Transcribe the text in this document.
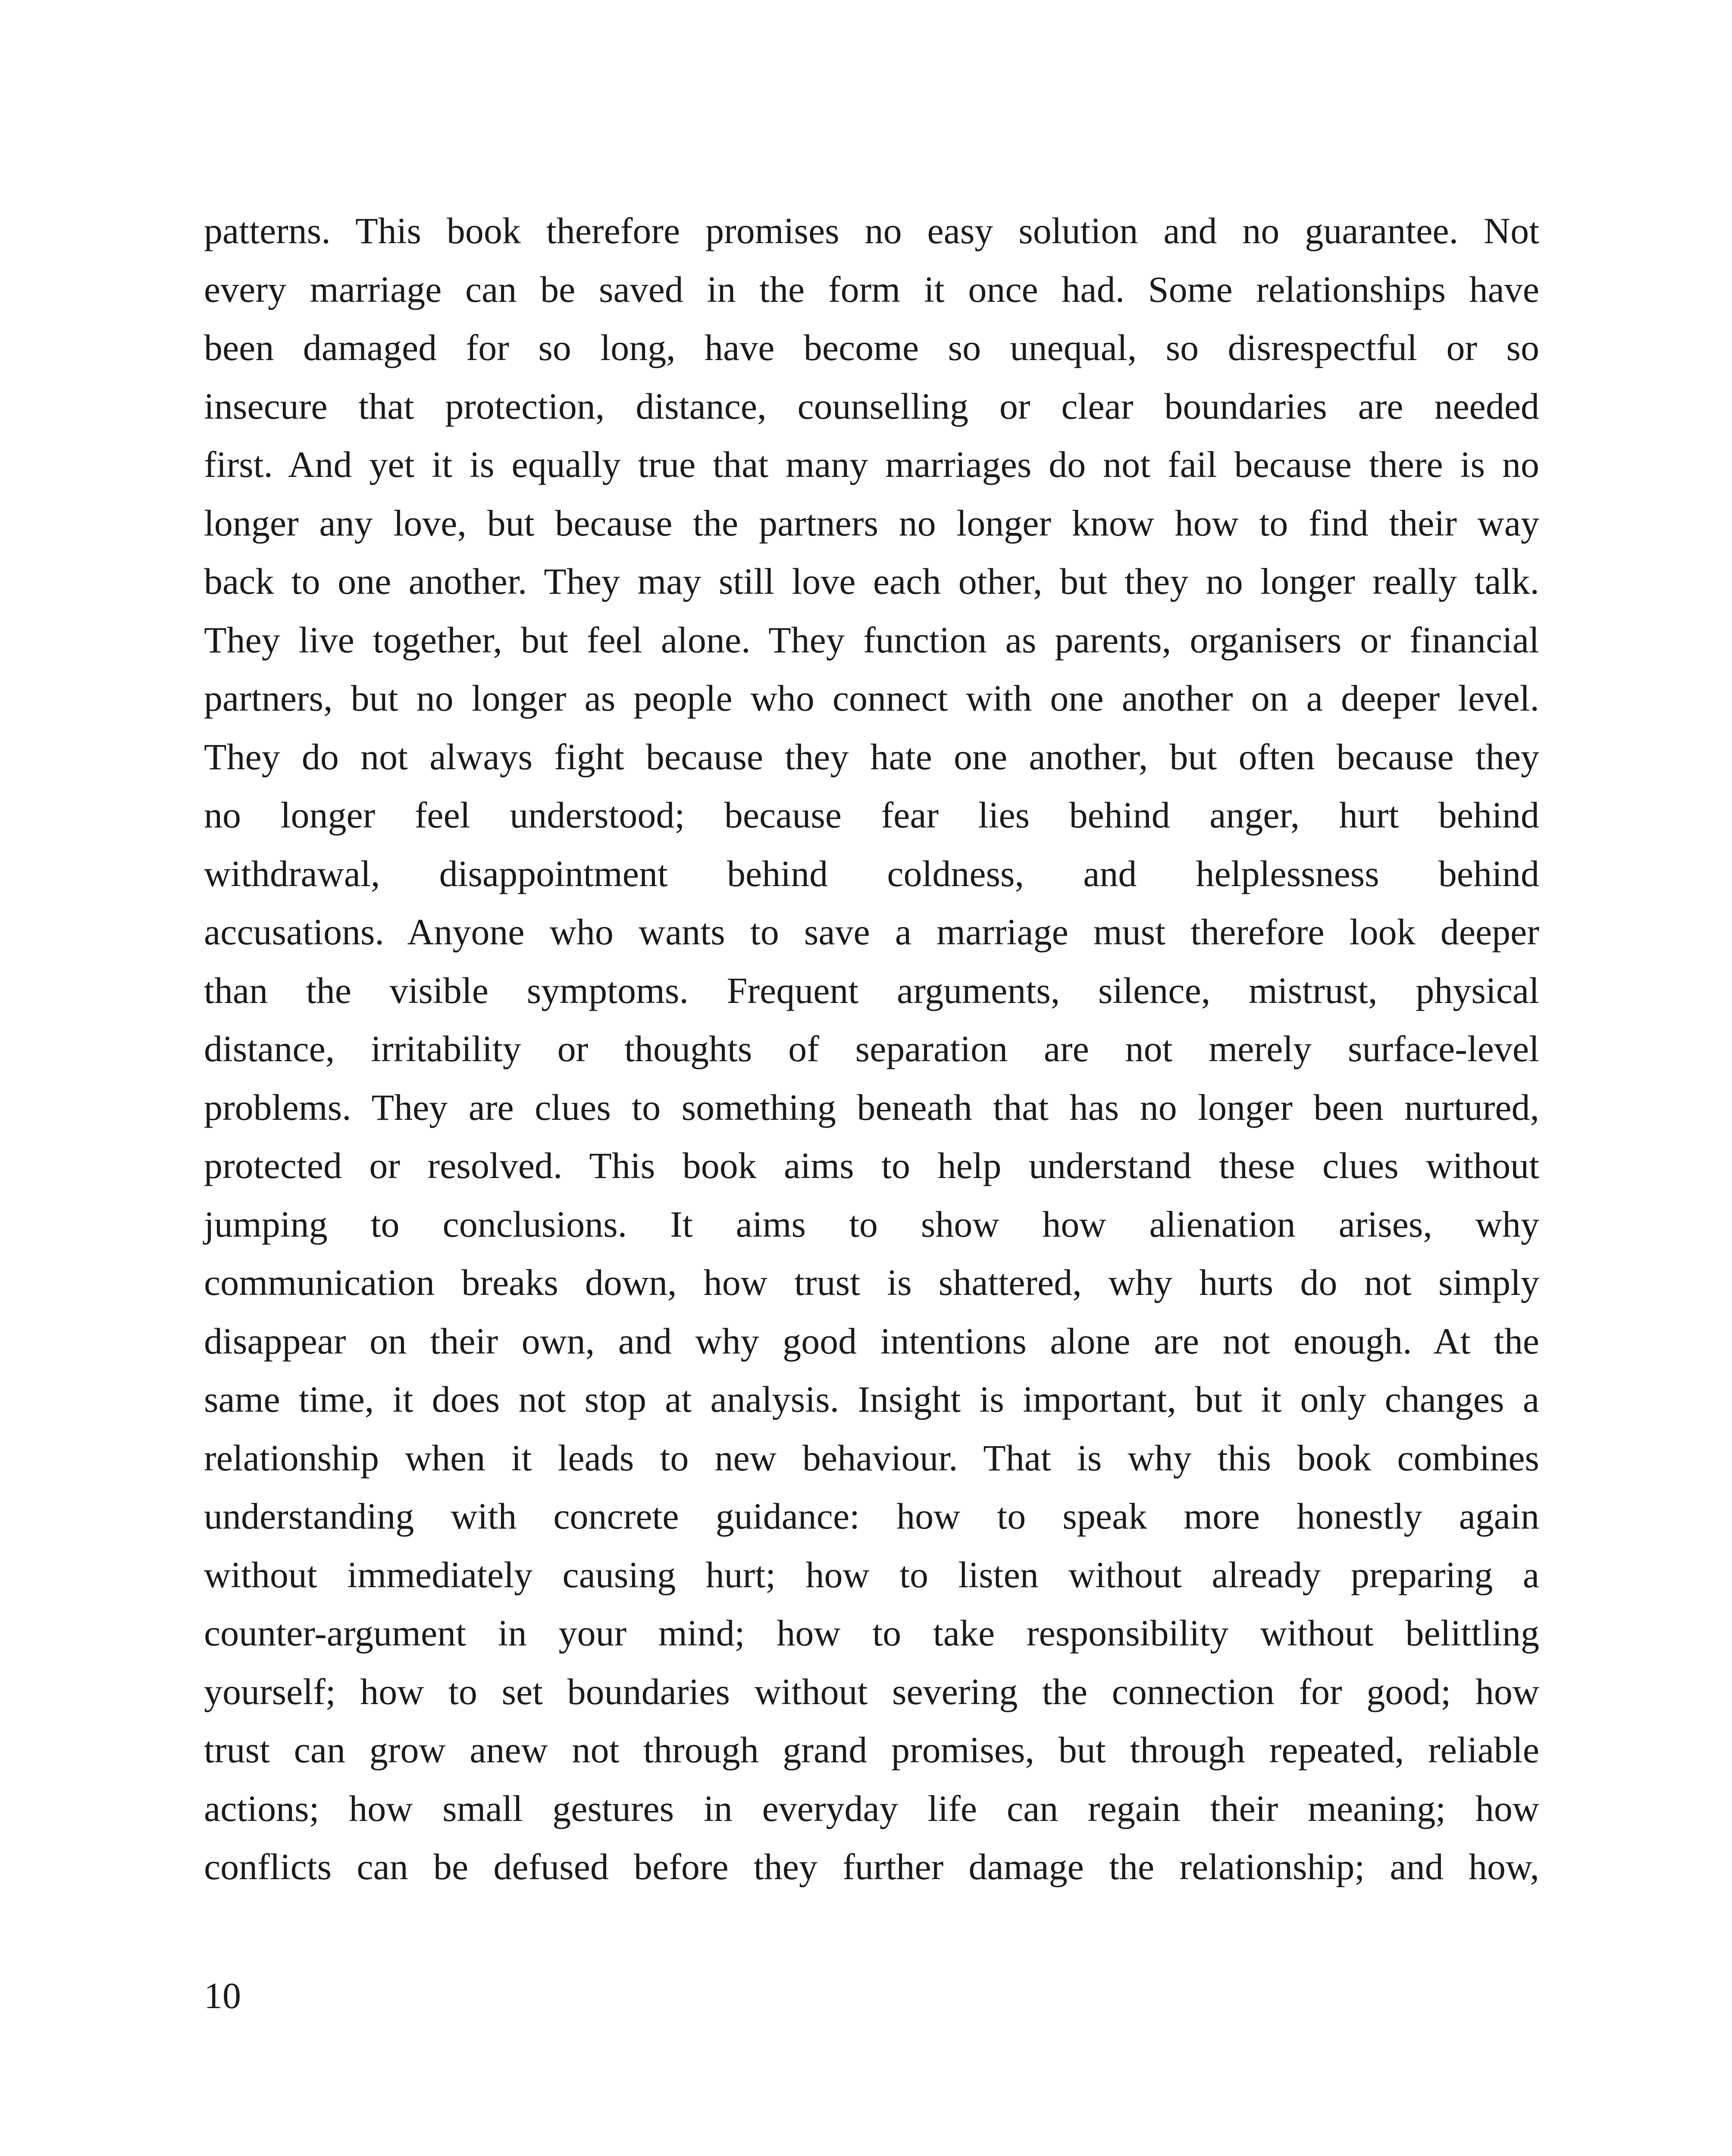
patterns. This book therefore promises no easy solution and no guarantee. Not
every marriage can be saved in the form it once had. Some relationships have
been damaged for so long, have become so unequal, so disrespectful or so
insecure that protection, distance, counselling or clear boundaries are needed
first. And yet it is equally true that many marriages do not fail because there is no
longer any love, but because the partners no longer know how to find their way
back to one another. They may still love each other, but they no longer really talk.
They live together, but feel alone. They function as parents, organisers or financial
partners, but no longer as people who connect with one another on a deeper level.
They do not always fight because they hate one another, but often because they
no longer feel understood; because fear lies behind anger, hurt behind
withdrawal, disappointment behind coldness, and helplessness behind
accusations. Anyone who wants to save a marriage must therefore look deeper
than the visible symptoms. Frequent arguments, silence, mistrust, physical
distance, irritability or thoughts of separation are not merely surface-level
problems. They are clues to something beneath that has no longer been nurtured,
protected or resolved. This book aims to help understand these clues without
jumping to conclusions. It aims to show how alienation arises, why
communication breaks down, how trust is shattered, why hurts do not simply
disappear on their own, and why good intentions alone are not enough. At the
same time, it does not stop at analysis. Insight is important, but it only changes a
relationship when it leads to new behaviour. That is why this book combines
understanding with concrete guidance: how to speak more honestly again
without immediately causing hurt; how to listen without already preparing a
counter-argument in your mind; how to take responsibility without belittling
yourself; how to set boundaries without severing the connection for good; how
trust can grow anew not through grand promises, but through repeated, reliable
actions; how small gestures in everyday life can regain their meaning; how
conflicts can be defused before they further damage the relationship; and how,
10
